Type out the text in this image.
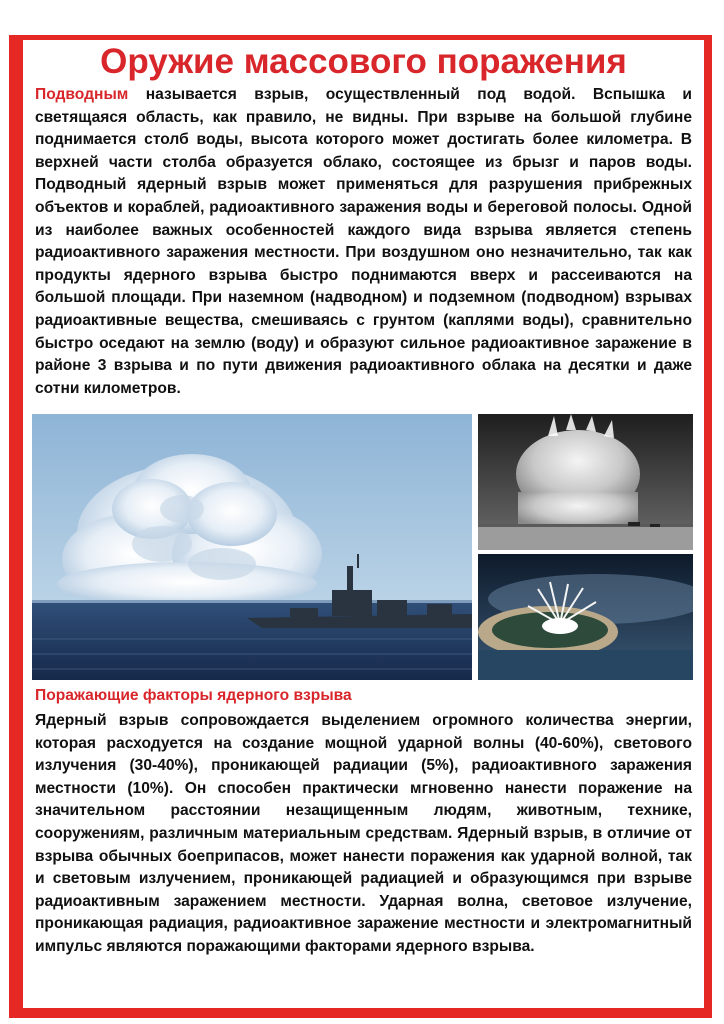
Оружие массового поражения

Подводным называется взрыв, осуществленный под водой. Вспышка и светящаяся область, как правило, не видны. При взрыве на большой глубине поднимается столб воды, высота которого может достигать более километра. В верхней части столба образуется облако, состоящее из брызг и паров воды. Подводный ядерный взрыв может применяться для разрушения прибрежных объектов и кораблей, радиоактивного заражения воды и береговой полосы. Одной из наиболее важных особенностей каждого вида взрыва является степень радиоактивного заражения местности. При воздушном оно незначительно, так как продукты ядерного взрыва быстро поднимаются вверх и рассеиваются на большой площади. При наземном (надводном) и подземном (подводном) взрывах радиоактивные вещества, смешиваясь с грунтом (каплями воды), сравнительно быстро оседают на землю (воду) и образуют сильное радиоактивное заражение в районе 3 взрыва и по пути движения радиоактивного облака на десятки и даже сотни километров.

Поражающие факторы ядерного взрыва

Ядерный взрыв сопровождается выделением огромного количества энергии, которая расходуется на создание мощной ударной волны (40-60%), светового излучения (30-40%), проникающей радиации (5%), радиоактивного заражения местности (10%). Он способен практически мгновенно нанести поражение на значительном расстоянии незащищенным людям, животным, технике, сооружениям, различным материальным средствам. Ядерный взрыв, в отличие от взрыва обычных боеприпасов, может нанести поражения как ударной волной, так и световым излучением, проникающей радиацией и образующимся при взрыве радиоактивным заражением местности. Ударная волна, световое излучение, проникающая радиация, радиоактивное заражение местности и электромагнитный импульс являются поражающими факторами ядерного взрыва.
